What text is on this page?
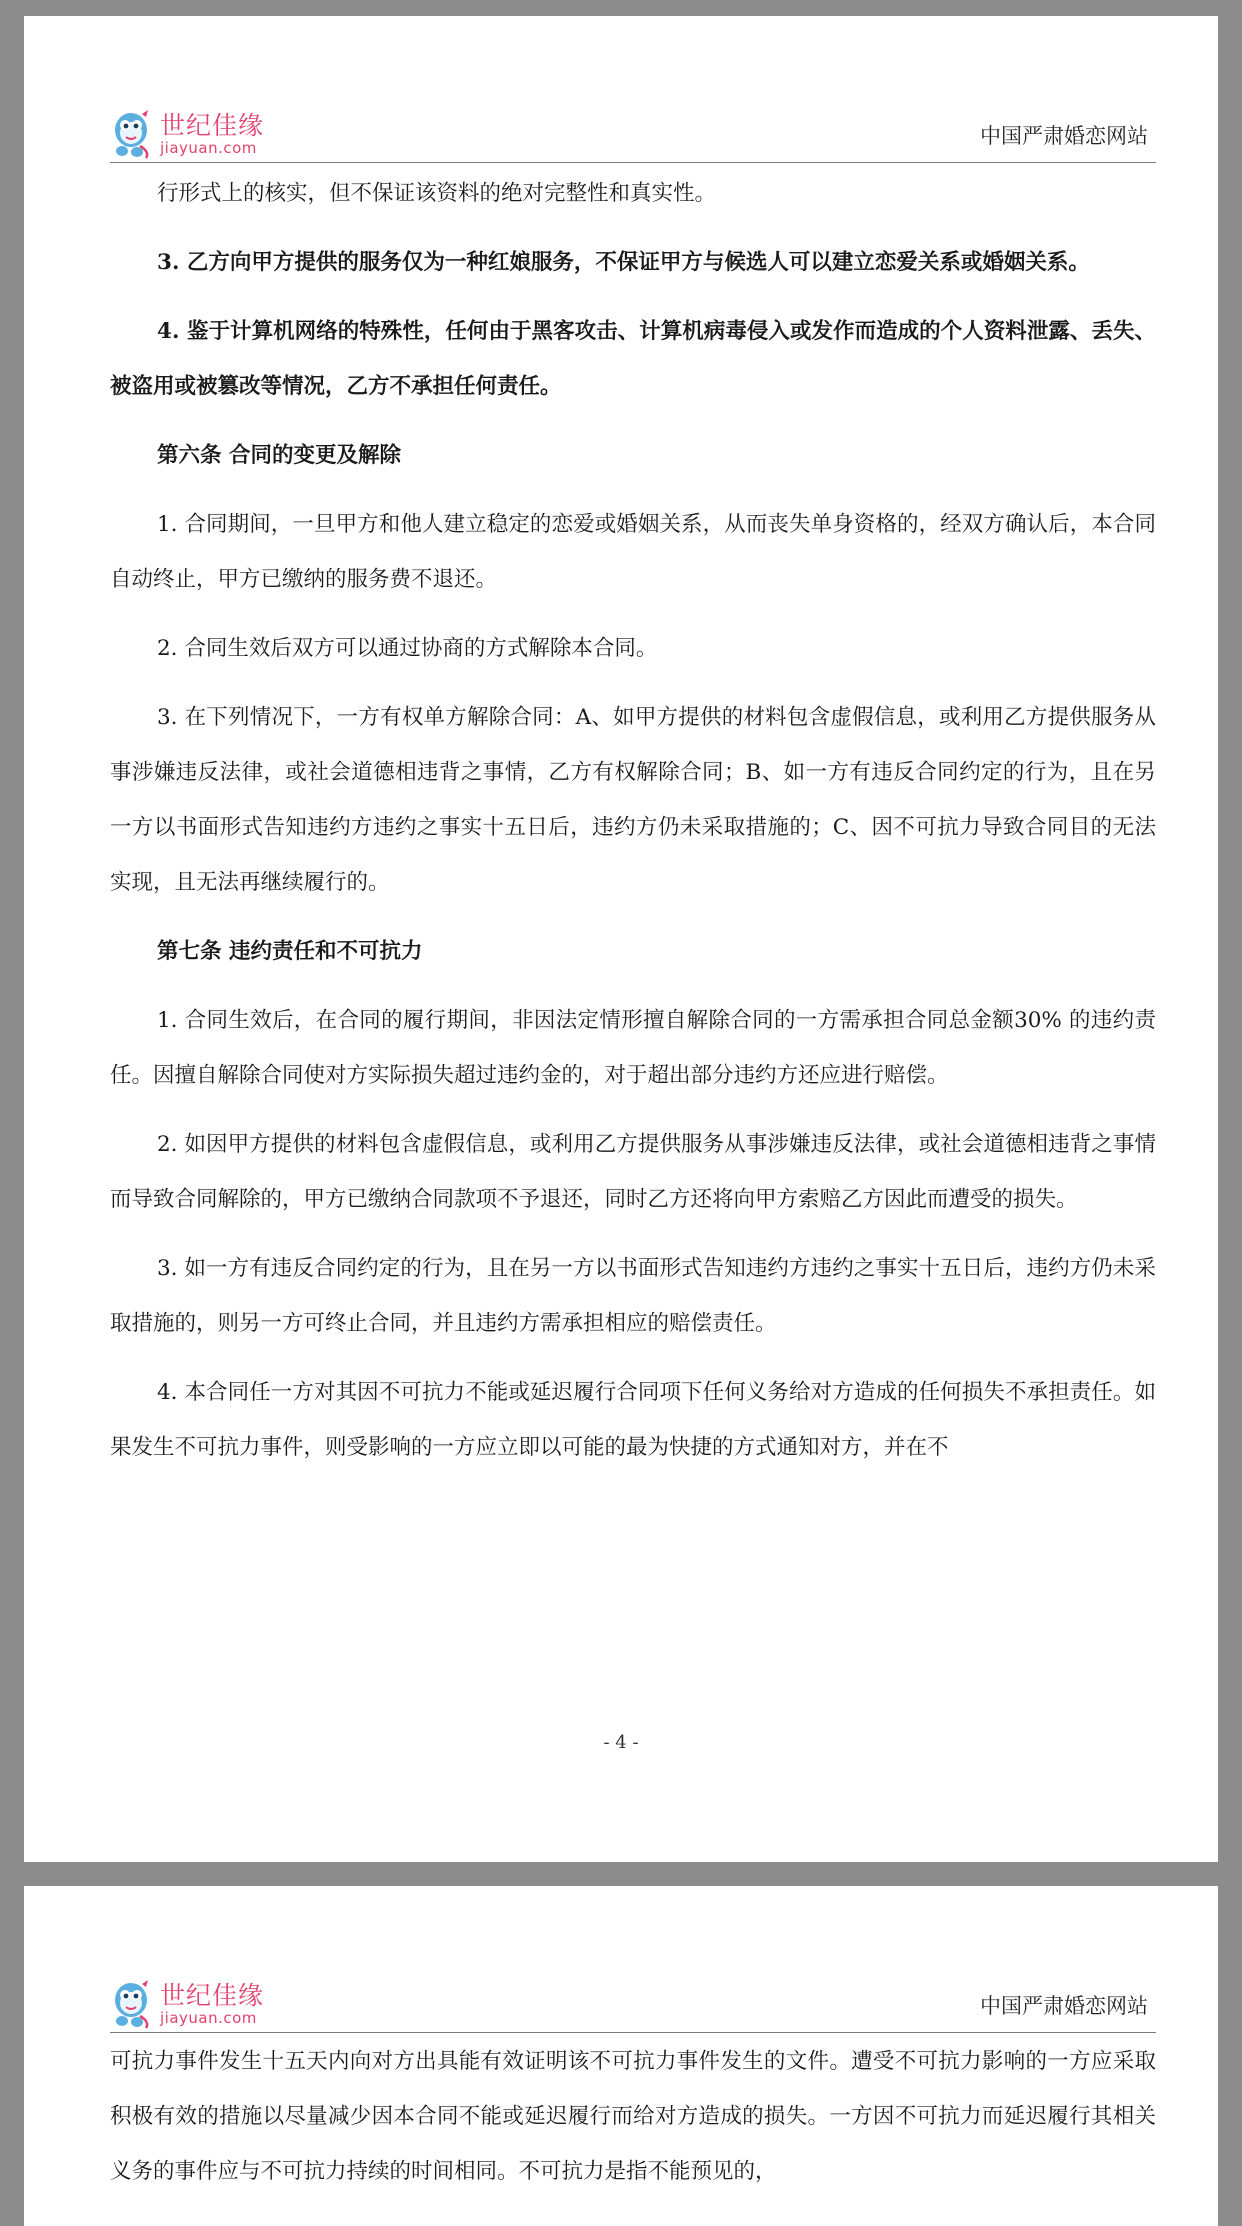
世纪佳缘
jiayuan.com	中国严肃婚恋网站

行形式上的核实，但不保证该资料的绝对完整性和真实性。

3. 乙方向甲方提供的服务仅为一种红娘服务，不保证甲方与候选人可以建立恋爱关系或婚姻关系。

4. 鉴于计算机网络的特殊性，任何由于黑客攻击、计算机病毒侵入或发作而造成的个人资料泄露、丢失、被盗用或被篡改等情况，乙方不承担任何责任。

第六条 合同的变更及解除

1. 合同期间，一旦甲方和他人建立稳定的恋爱或婚姻关系，从而丧失单身资格的，经双方确认后，本合同自动终止，甲方已缴纳的服务费不退还。

2. 合同生效后双方可以通过协商的方式解除本合同。

3. 在下列情况下，一方有权单方解除合同：A、如甲方提供的材料包含虚假信息，或利用乙方提供服务从事涉嫌违反法律，或社会道德相违背之事情，乙方有权解除合同；B、如一方有违反合同约定的行为，且在另一方以书面形式告知违约方违约之事实十五日后，违约方仍未采取措施的；C、因不可抗力导致合同目的无法实现，且无法再继续履行的。

第七条 违约责任和不可抗力

1. 合同生效后，在合同的履行期间，非因法定情形擅自解除合同的一方需承担合同总金额30% 的违约责任。因擅自解除合同使对方实际损失超过违约金的，对于超出部分违约方还应进行赔偿。

2. 如因甲方提供的材料包含虚假信息，或利用乙方提供服务从事涉嫌违反法律，或社会道德相违背之事情而导致合同解除的，甲方已缴纳合同款项不予退还，同时乙方还将向甲方索赔乙方因此而遭受的损失。

3. 如一方有违反合同约定的行为，且在另一方以书面形式告知违约方违约之事实十五日后，违约方仍未采取措施的，则另一方可终止合同，并且违约方需承担相应的赔偿责任。

4. 本合同任一方对其因不可抗力不能或延迟履行合同项下任何义务给对方造成的任何损失不承担责任。如果发生不可抗力事件，则受影响的一方应立即以可能的最为快捷的方式通知对方，并在不

- 4 -
世纪佳缘
jiayuan.com	中国严肃婚恋网站

可抗力事件发生十五天内向对方出具能有效证明该不可抗力事件发生的文件。遭受不可抗力影响的一方应采取积极有效的措施以尽量减少因本合同不能或延迟履行而给对方造成的损失。一方因不可抗力而延迟履行其相关义务的事件应与不可抗力持续的时间相同。不可抗力是指不能预见的，
